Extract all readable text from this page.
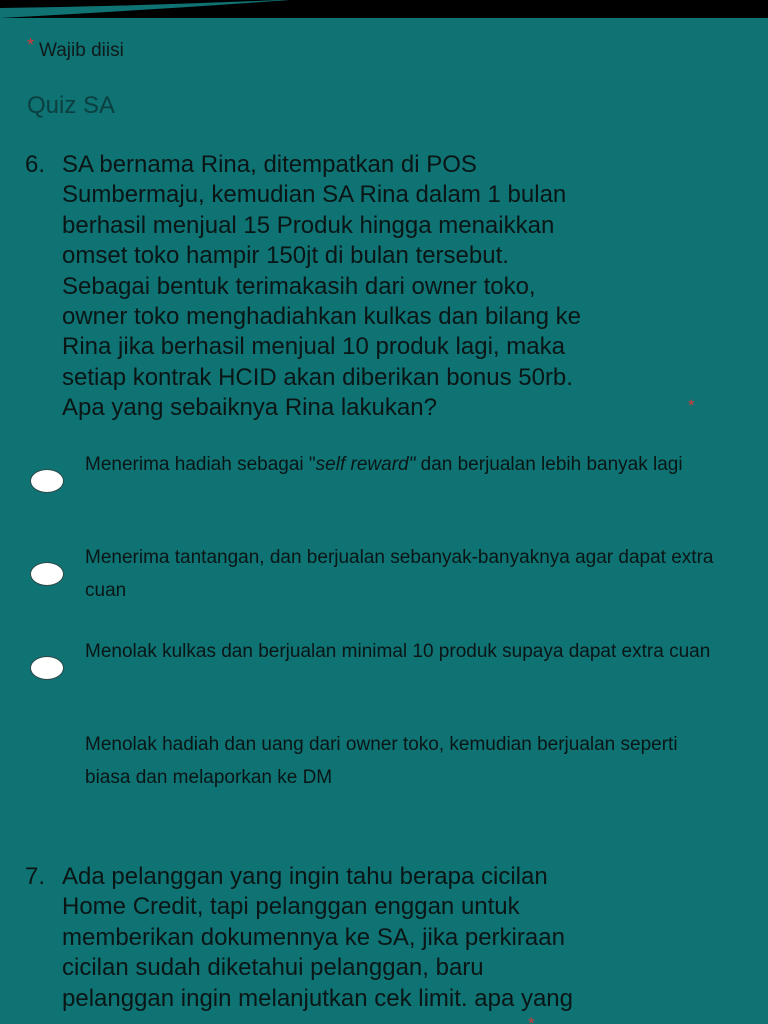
* Wajib diisi
Quiz SA
6. SA bernama Rina, ditempatkan di POS
Sumbermaju, kemudian SA Rina dalam 1 bulan
berhasil menjual 15 Produk hingga menaikkan
omset toko hampir 150jt di bulan tersebut.
Sebagai bentuk terimakasih dari owner toko,
owner toko menghadiahkan kulkas dan bilang ke
Rina jika berhasil menjual 10 produk lagi, maka
setiap kontrak HCID akan diberikan bonus 50rb.
Apa yang sebaiknya Rina lakukan?	*
Menerima hadiah sebagai "self reward" dan berjualan lebih banyak lagi
Menerima tantangan, dan berjualan sebanyak-banyaknya agar dapat extra cuan
Menolak kulkas dan berjualan minimal 10 produk supaya dapat extra cuan
Menolak hadiah dan uang dari owner toko, kemudian berjualan seperti biasa dan melaporkan ke DM
7. Ada pelanggan yang ingin tahu berapa cicilan
Home Credit, tapi pelanggan enggan untuk
memberikan dokumennya ke SA, jika perkiraan
cicilan sudah diketahui pelanggan, baru
pelanggan ingin melanjutkan cek limit. apa yang
*
